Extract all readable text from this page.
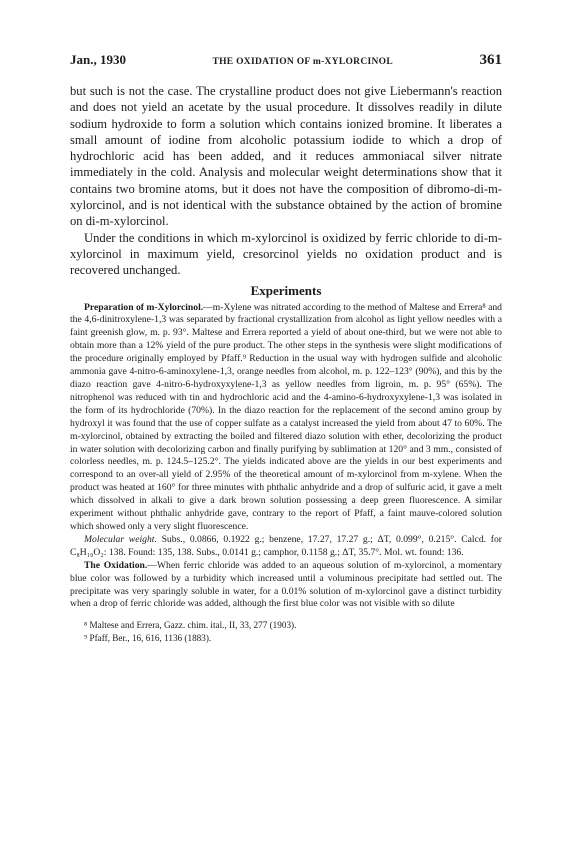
Jan., 1930	THE OXIDATION OF m-XYLORCINOL	361

but such is not the case. The crystalline product does not give Liebermann's reaction and does not yield an acetate by the usual procedure. It dissolves readily in dilute sodium hydroxide to form a solution which contains ionized bromine. It liberates a small amount of iodine from alcoholic potassium iodide to which a drop of hydrochloric acid has been added, and it reduces ammoniacal silver nitrate immediately in the cold. Analysis and molecular weight determinations show that it contains two bromine atoms, but it does not have the composition of dibromo-di-m-xylorcinol, and is not identical with the substance obtained by the action of bromine on di-m-xylorcinol.

Under the conditions in which m-xylorcinol is oxidized by ferric chloride to di-m-xylorcinol in maximum yield, cresorcinol yields no oxidation product and is recovered unchanged.

Experiments

Preparation of m-Xylorcinol.—m-Xylene was nitrated according to the method of Maltese and Errera⁸ and the 4,6-dinitroxylene-1,3 was separated by fractional crystallization from alcohol as light yellow needles with a faint greenish glow, m. p. 93°. Maltese and Errera reported a yield of about one-third, but we were not able to obtain more than a 12% yield of the pure product. The other steps in the synthesis were slight modifications of the procedure originally employed by Pfaff.⁹ Reduction in the usual way with hydrogen sulfide and alcoholic ammonia gave 4-nitro-6-aminoxylene-1,3, orange needles from alcohol, m. p. 122–123° (90%), and this by the diazo reaction gave 4-nitro-6-hydroxyxylene-1,3 as yellow needles from ligroin, m. p. 95° (65%). The nitrophenol was reduced with tin and hydrochloric acid and the 4-amino-6-hydroxyxylene-1,3 was isolated in the form of its hydrochloride (70%). In the diazo reaction for the replacement of the second amino group by hydroxyl it was found that the use of copper sulfate as a catalyst increased the yield from about 47 to 60%. The m-xylorcinol, obtained by extracting the boiled and filtered diazo solution with ether, decolorizing the product in water solution with decolorizing carbon and finally purifying by sublimation at 120° and 3 mm., consisted of colorless needles, m. p. 124.5–125.2°. The yields indicated above are the yields in our best experiments and correspond to an over-all yield of 2.95% of the theoretical amount of m-xylorcinol from m-xylene. When the product was heated at 160° for three minutes with phthalic anhydride and a drop of sulfuric acid, it gave a melt which dissolved in alkali to give a dark brown solution possessing a deep green fluorescence. A similar experiment without phthalic anhydride gave, contrary to the report of Pfaff, a faint mauve-colored solution which showed only a very slight fluorescence.

Molecular weight. Subs., 0.0866, 0.1922 g.; benzene, 17.27, 17.27 g.; ΔT, 0.099°, 0.215°. Calcd. for C₈H₁₀O₂: 138. Found: 135, 138. Subs., 0.0141 g.; camphor, 0.1158 g.; ΔT, 35.7°. Mol. wt. found: 136.

The Oxidation.—When ferric chloride was added to an aqueous solution of m-xylorcinol, a momentary blue color was followed by a turbidity which increased until a voluminous precipitate had settled out. The precipitate was very sparingly soluble in water, for a 0.01% solution of m-xylorcinol gave a distinct turbidity when a drop of ferric chloride was added, although the first blue color was not visible with so dilute

⁸ Maltese and Errera, Gazz. chim. ital., II, 33, 277 (1903).
⁹ Pfaff, Ber., 16, 616, 1136 (1883).
